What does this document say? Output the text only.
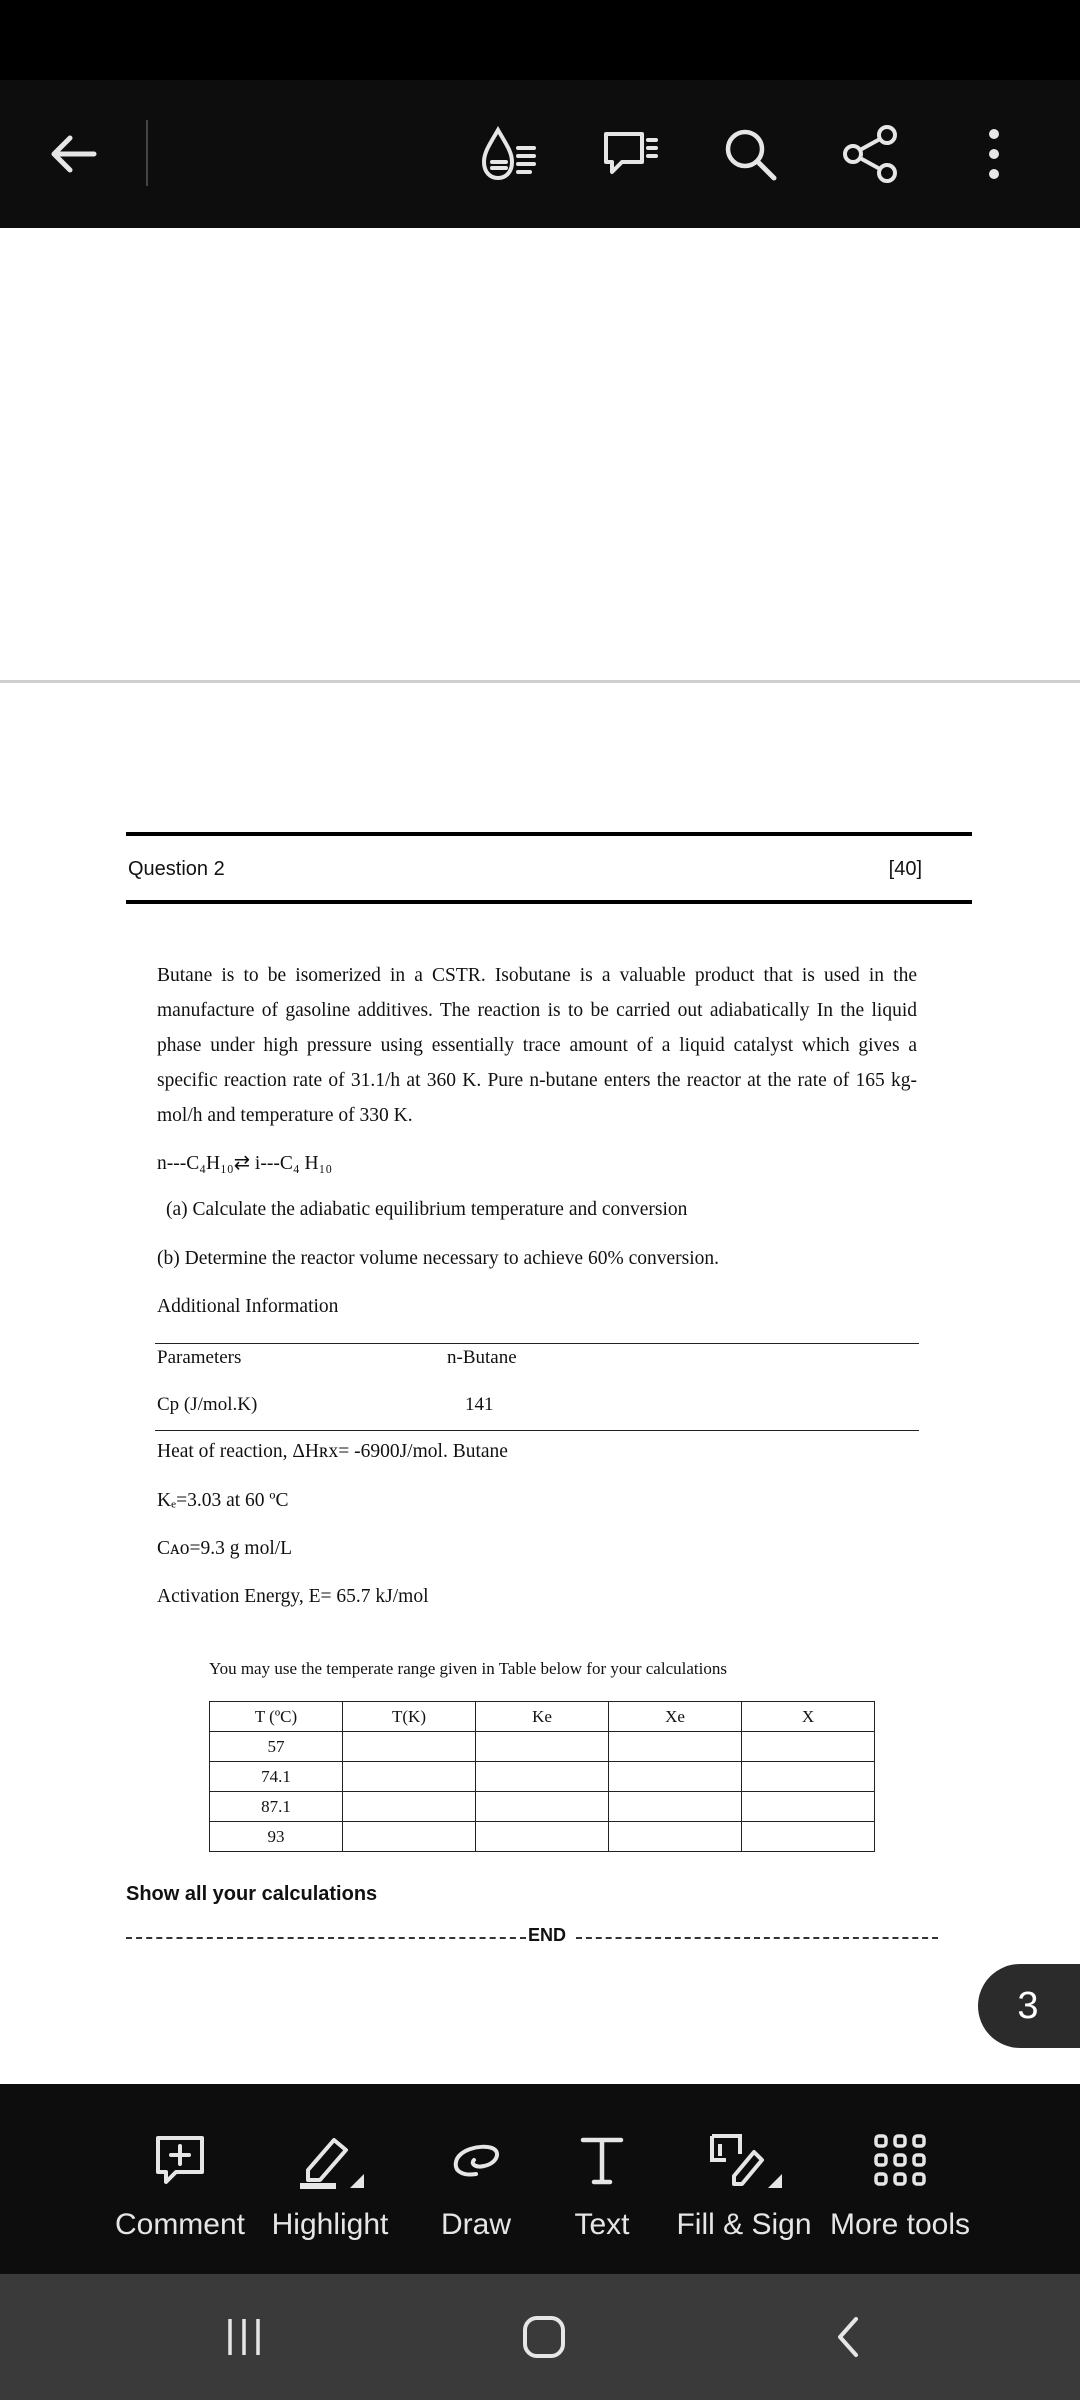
Question 2	[40]
Butane is to be isomerized in a CSTR. Isobutane is a valuable product that is used in the manufacture of gasoline additives. The reaction is to be carried out adiabatically In the liquid phase under high pressure using essentially trace amount of a liquid catalyst which gives a specific reaction rate of 31.1/h at 360 K. Pure n-butane enters the reactor at the rate of 165 kg-mol/h and temperature of 330 K.
n---C₄H₁₀⇄ i---C₄ H₁₀
(a) Calculate the adiabatic equilibrium temperature and conversion
(b) Determine the reactor volume necessary to achieve 60% conversion.
Additional Information
Parameters	n-Butane
Cp (J/mol.K)	141
Heat of reaction, ΔHʀx= -6900J/mol. Butane
Kₑ=3.03 at 60 ºC
Cᴀᴏ=9.3 g mol/L
Activation Energy, E= 65.7 kJ/mol
You may use the temperate range given in Table below for your calculations
T (ºC)	T(K)	Ke	Xe	X
57				
74.1				
87.1				
93				
Show all your calculations
END
3
Comment Highlight Draw Text Fill & Sign More tools
